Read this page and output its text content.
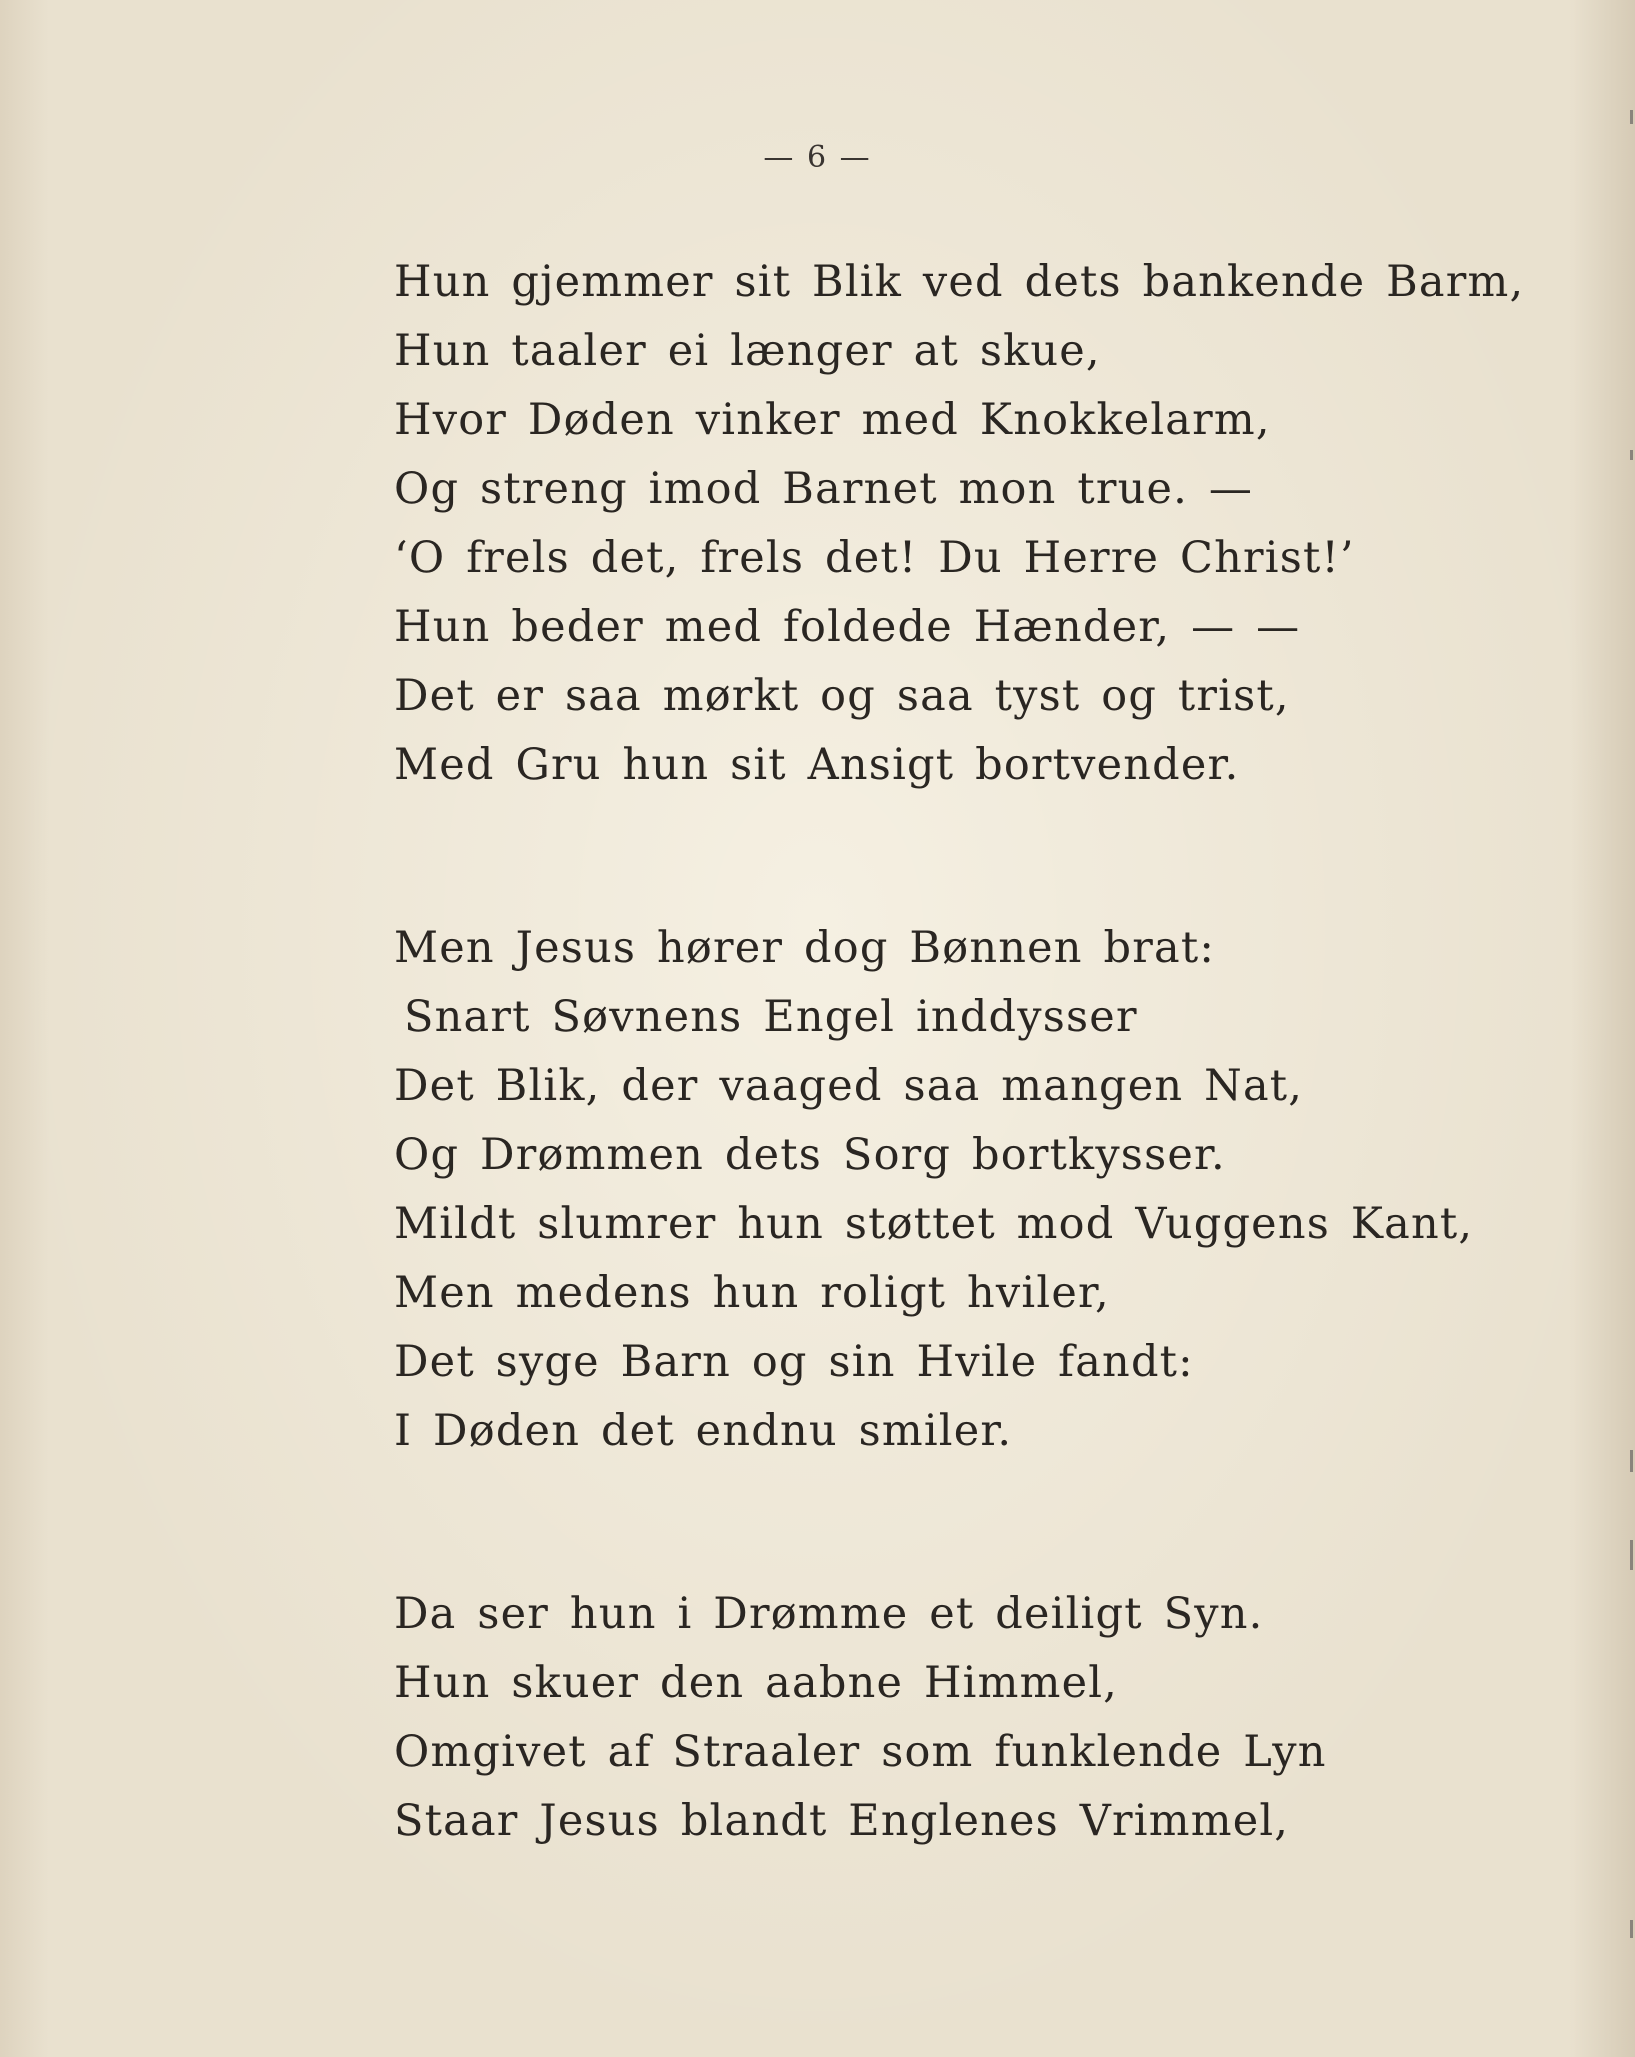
— 6 —
Hun gjemmer sit Blik ved dets bankende Barm,
Hun taaler ei længer at skue,
Hvor Døden vinker med Knokkelarm,
Og streng imod Barnet mon true. —
‘O frels det, frels det! Du Herre Christ!’
Hun beder med foldede Hænder, — —
Det er saa mørkt og saa tyst og trist,
Med Gru hun sit Ansigt bortvender.
Men Jesus hører dog Bønnen brat:
Snart Søvnens Engel inddysser
Det Blik, der vaaged saa mangen Nat,
Og Drømmen dets Sorg bortkysser.
Mildt slumrer hun støttet mod Vuggens Kant,
Men medens hun roligt hviler,
Det syge Barn og sin Hvile fandt:
I Døden det endnu smiler.
Da ser hun i Drømme et deiligt Syn.
Hun skuer den aabne Himmel,
Omgivet af Straaler som funklende Lyn
Staar Jesus blandt Englenes Vrimmel,
